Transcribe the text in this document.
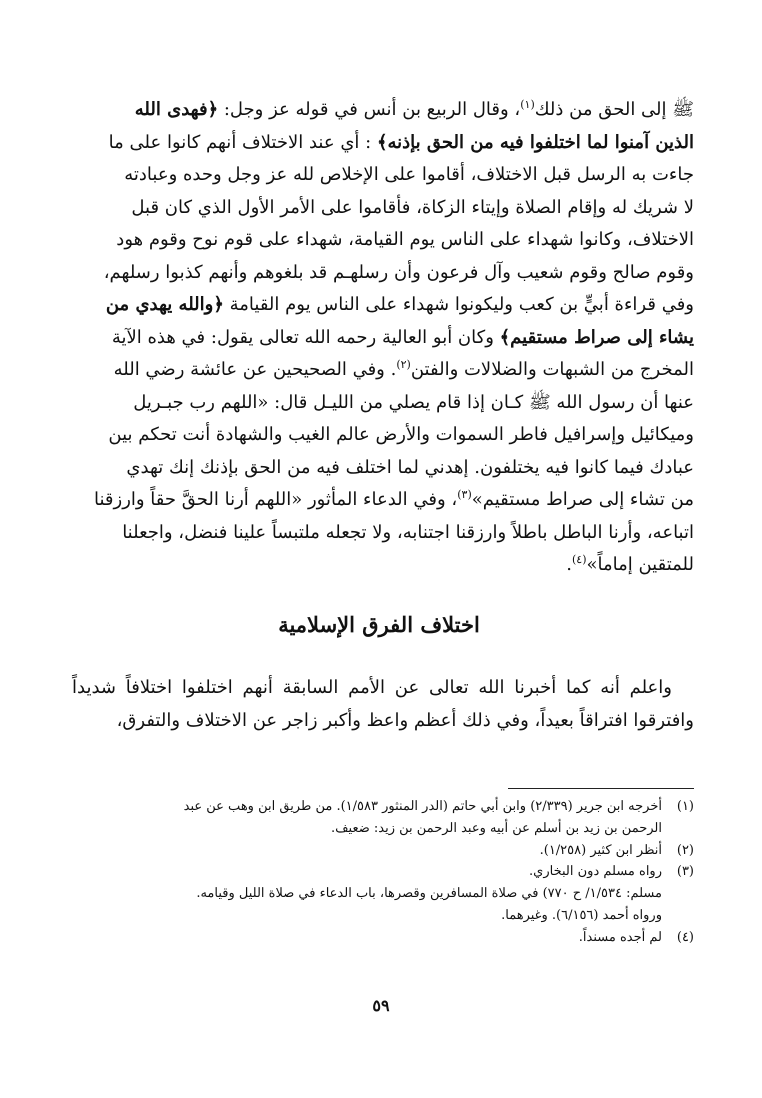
ﷺ إلى الحق من ذلك$^{(١)}$، وقال الربيع بن أنس في قوله عز وجل: ﴿فهدى الله

الذين آمنوا لما اختلفوا فيه من الحق بإذنه﴾ : أي عند الاختلاف أنهم كانوا على ما

جاءت به الرسل قبل الاختلاف، أقاموا على الإخلاص لله عز وجل وحده وعبادته

لا شريك له وإقام الصلاة وإيتاء الزكاة، فأقاموا على الأمر الأول الذي كان قبل

الاختلاف، وكانوا شهداء على الناس يوم القيامة، شهداء على قوم نوح وقوم هود

وقوم صالح وقوم شعيب وآل فرعون وأن رسلهـم قد بلغوهم وأنهم كذبوا رسلهم،

وفي قراءة أبيٍّ بن كعب وليكونوا شهداء على الناس يوم القيامة ﴿والله يهدي من

يشاء إلى صراط مستقيم﴾ وكان أبو العالية رحمه الله تعالى يقول: في هذه الآية

المخرج من الشبهات والضلالات والفتن$^{(٢)}$. وفي الصحيحين عن عائشة رضي الله

عنها أن رسول الله ﷺ كـان إذا قام يصلي من الليـل قال: «اللهم رب جبـريل

وميكائيل وإسرافيل فاطر السموات والأرض عالم الغيب والشهادة أنت تحكم بين

عبادك فيما كانوا فيه يختلفون. إهدني لما اختلف فيه من الحق بإذنك إنك تهدي

من تشاء إلى صراط مستقيم»$^{(٣)}$، وفي الدعاء المأثور «اللهم أرنا الحقَّ حقاً وارزقنا

اتباعه، وأرنا الباطل باطلاً وارزقنا اجتنابه، ولا تجعله ملتبساً علينا فنضل، واجعلنا

للمتقين إماماً»$^{(٤)}$.

اختلاف الفرق الإسلامية

واعلم أنه كما أخبرنا الله تعالى عن الأمم السابقة أنهم اختلفوا اختلافاً شديداً وافترقوا افتراقاً بعيداً، وفي ذلك أعظم واعظ وأكبر زاجر عن الاختلاف والتفرق،

(١)
أخرجه ابن جرير (٢/٣٣٩) وابن أبي حاتم (الدر المنثور ١/٥٨٣). من طريق ابن وهب عن عبد
الرحمن بن زيد بن أسلم عن أبيه وعبد الرحمن بن زيد: ضعيف.
(٢)
أنظر ابن كثير (١/٢٥٨).
(٣)
رواه مسلم دون البخاري.
مسلم: ١/٥٣٤/ ح ٧٧٠) في صلاة المسافرين وقصرها، باب الدعاء في صلاة الليل وقيامه.
ورواه أحمد (٦/١٥٦). وغيرهما.
(٤)
لم أجده مسنداً.
٥٩
